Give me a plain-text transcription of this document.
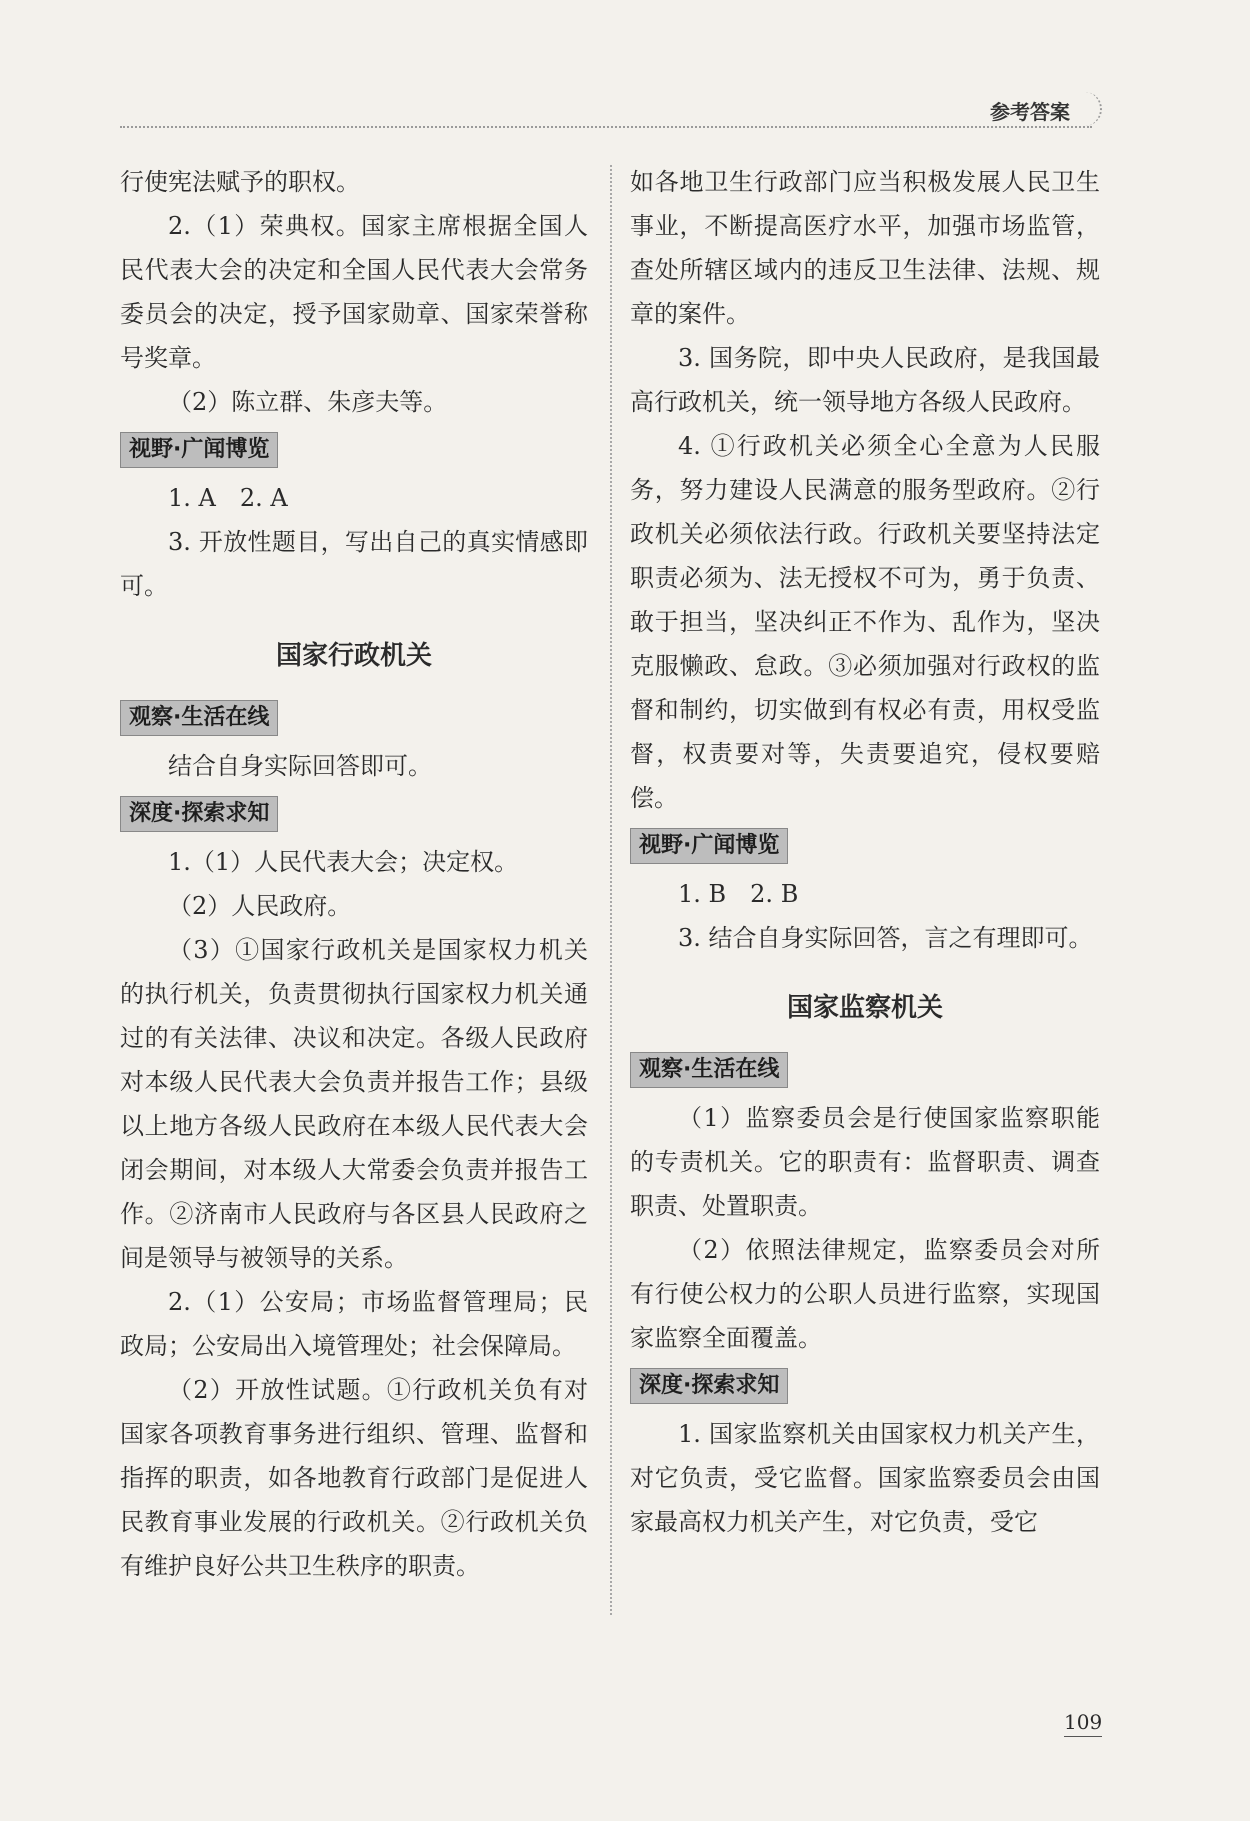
参考答案

行使宪法赋予的职权。

2.（1）荣典权。国家主席根据全国人民代表大会的决定和全国人民代表大会常务委员会的决定，授予国家勋章、国家荣誉称号奖章。

（2）陈立群、朱彦夫等。

视野·广闻博览

1. A　2. A

3. 开放性题目，写出自己的真实情感即可。

国家行政机关
观察·生活在线

结合自身实际回答即可。

深度·探索求知

1.（1）人民代表大会；决定权。

（2）人民政府。

（3）①国家行政机关是国家权力机关的执行机关，负责贯彻执行国家权力机关通过的有关法律、决议和决定。各级人民政府对本级人民代表大会负责并报告工作；县级以上地方各级人民政府在本级人民代表大会闭会期间，对本级人大常委会负责并报告工作。②济南市人民政府与各区县人民政府之间是领导与被领导的关系。

2.（1）公安局；市场监督管理局；民政局；公安局出入境管理处；社会保障局。

（2）开放性试题。①行政机关负有对国家各项教育事务进行组织、管理、监督和指挥的职责，如各地教育行政部门是促进人民教育事业发展的行政机关。②行政机关负有维护良好公共卫生秩序的职责。

如各地卫生行政部门应当积极发展人民卫生事业，不断提高医疗水平，加强市场监管，查处所辖区域内的违反卫生法律、法规、规章的案件。

3. 国务院，即中央人民政府，是我国最高行政机关，统一领导地方各级人民政府。

4. ①行政机关必须全心全意为人民服务，努力建设人民满意的服务型政府。②行政机关必须依法行政。行政机关要坚持法定职责必须为、法无授权不可为，勇于负责、敢于担当，坚决纠正不作为、乱作为，坚决克服懒政、怠政。③必须加强对行政权的监督和制约，切实做到有权必有责，用权受监督，权责要对等，失责要追究，侵权要赔偿。

视野·广闻博览

1. B　2. B

3. 结合自身实际回答，言之有理即可。

国家监察机关
观察·生活在线

（1）监察委员会是行使国家监察职能的专责机关。它的职责有：监督职责、调查职责、处置职责。

（2）依照法律规定，监察委员会对所有行使公权力的公职人员进行监察，实现国家监察全面覆盖。

深度·探索求知

1. 国家监察机关由国家权力机关产生，对它负责，受它监督。国家监察委员会由国家最高权力机关产生，对它负责，受它

109
